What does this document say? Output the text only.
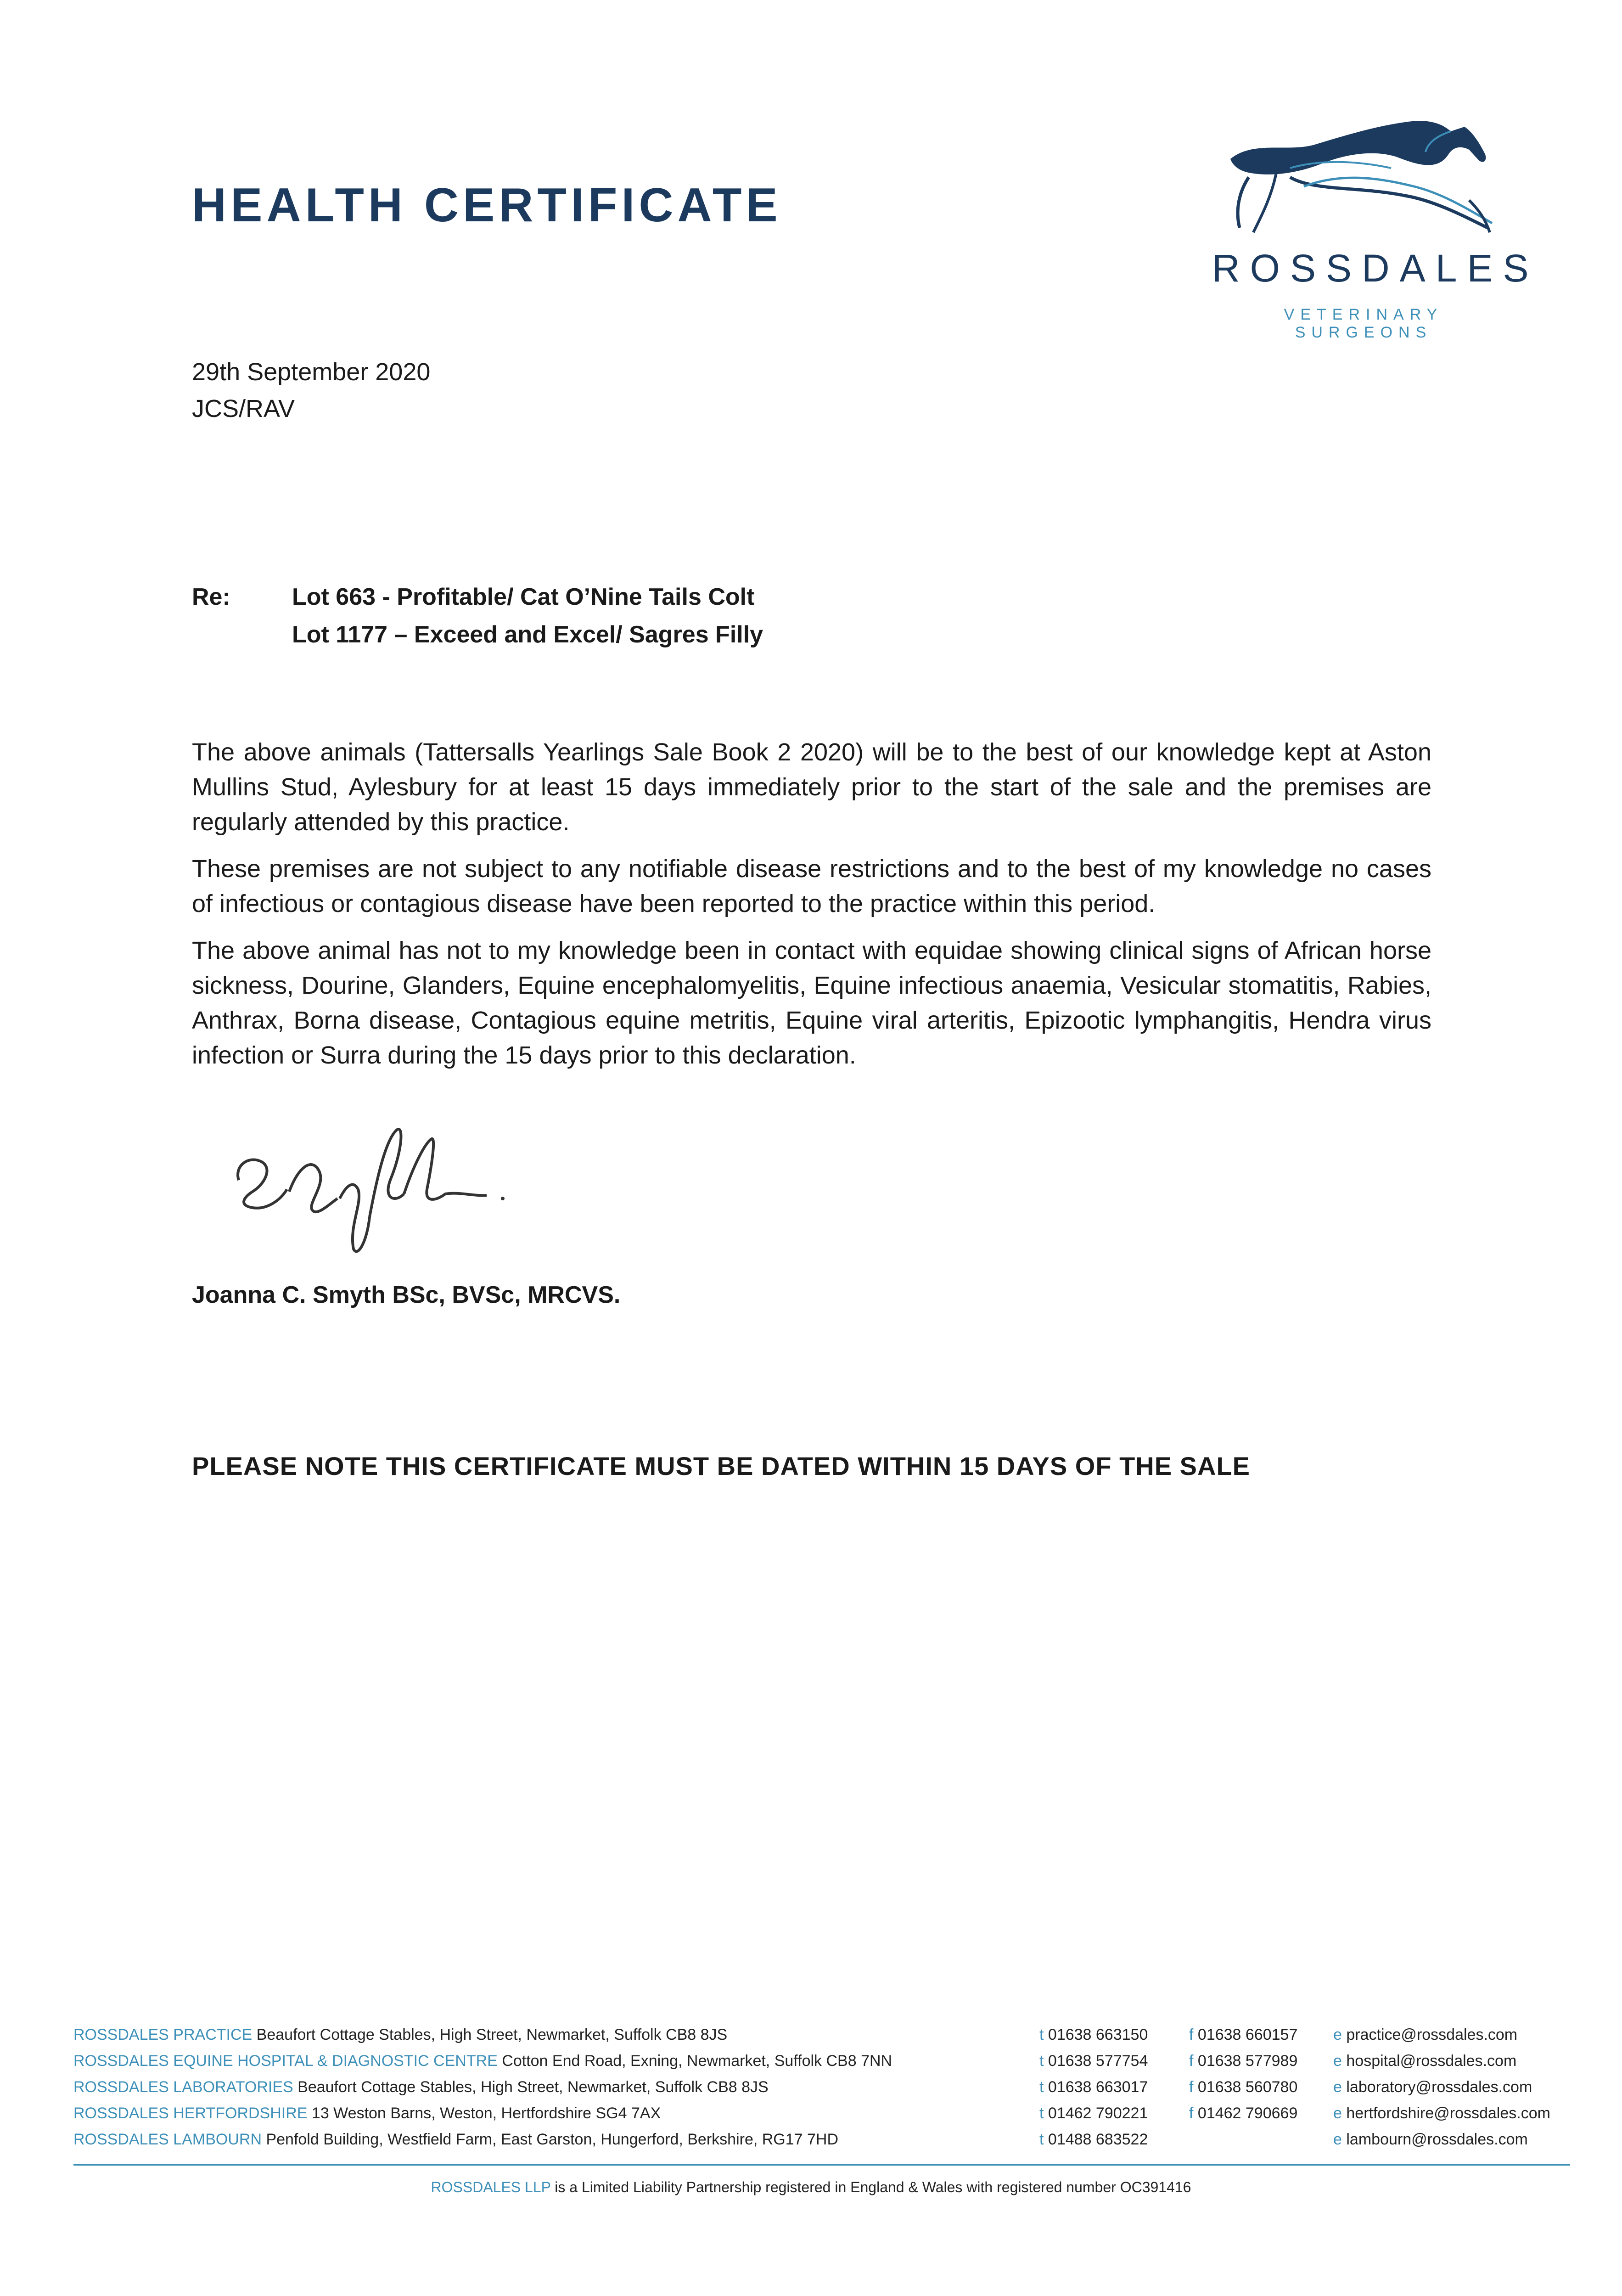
HEALTH CERTIFICATE
ROSSDALES
VETERINARY SURGEONS
29th September 2020
JCS/RAV
Re:	Lot 663 - Profitable/ Cat O’Nine Tails Colt
Lot 1177 – Exceed and Excel/ Sagres Filly

The above animals (Tattersalls Yearlings Sale Book 2 2020) will be to the best of our knowledge kept at Aston Mullins Stud, Aylesbury for at least 15 days immediately prior to the start of the sale and the premises are regularly attended by this practice.

These premises are not subject to any notifiable disease restrictions and to the best of my knowledge no cases of infectious or contagious disease have been reported to the practice within this period.

The above animal has not to my knowledge been in contact with equidae showing clinical signs of African horse sickness, Dourine, Glanders, Equine encephalomyelitis, Equine infectious anaemia, Vesicular stomatitis, Rabies, Anthrax, Borna disease, Contagious equine metritis, Equine viral arteritis, Epizootic lymphangitis, Hendra virus infection or Surra during the 15 days prior to this declaration.

Joanna C. Smyth BSc, BVSc, MRCVS.
PLEASE NOTE THIS CERTIFICATE MUST BE DATED WITHIN 15 DAYS OF THE SALE
ROSSDALES PRACTICE Beaufort Cottage Stables, High Street, Newmarket, Suffolk CB8 8JS	t 01638 663150	f 01638 660157 e practice@rossdales.com
ROSSDALES EQUINE HOSPITAL & DIAGNOSTIC CENTRE Cotton End Road, Exning, Newmarket, Suffolk CB8 7NN	t 01638 577754	f 01638 577989 e hospital@rossdales.com
ROSSDALES LABORATORIES Beaufort Cottage Stables, High Street, Newmarket, Suffolk CB8 8JS	t 01638 663017	f 01638 560780 e laboratory@rossdales.com
ROSSDALES HERTFORDSHIRE 13 Weston Barns, Weston, Hertfordshire SG4 7AX	t 01462 790221	f 01462 790669 e hertfordshire@rossdales.com
ROSSDALES LAMBOURN Penfold Building, Westfield Farm, East Garston, Hungerford, Berkshire, RG17 7HD	t 01488 683522	e lambourn@rossdales.com
ROSSDALES LLP is a Limited Liability Partnership registered in England & Wales with registered number OC391416
